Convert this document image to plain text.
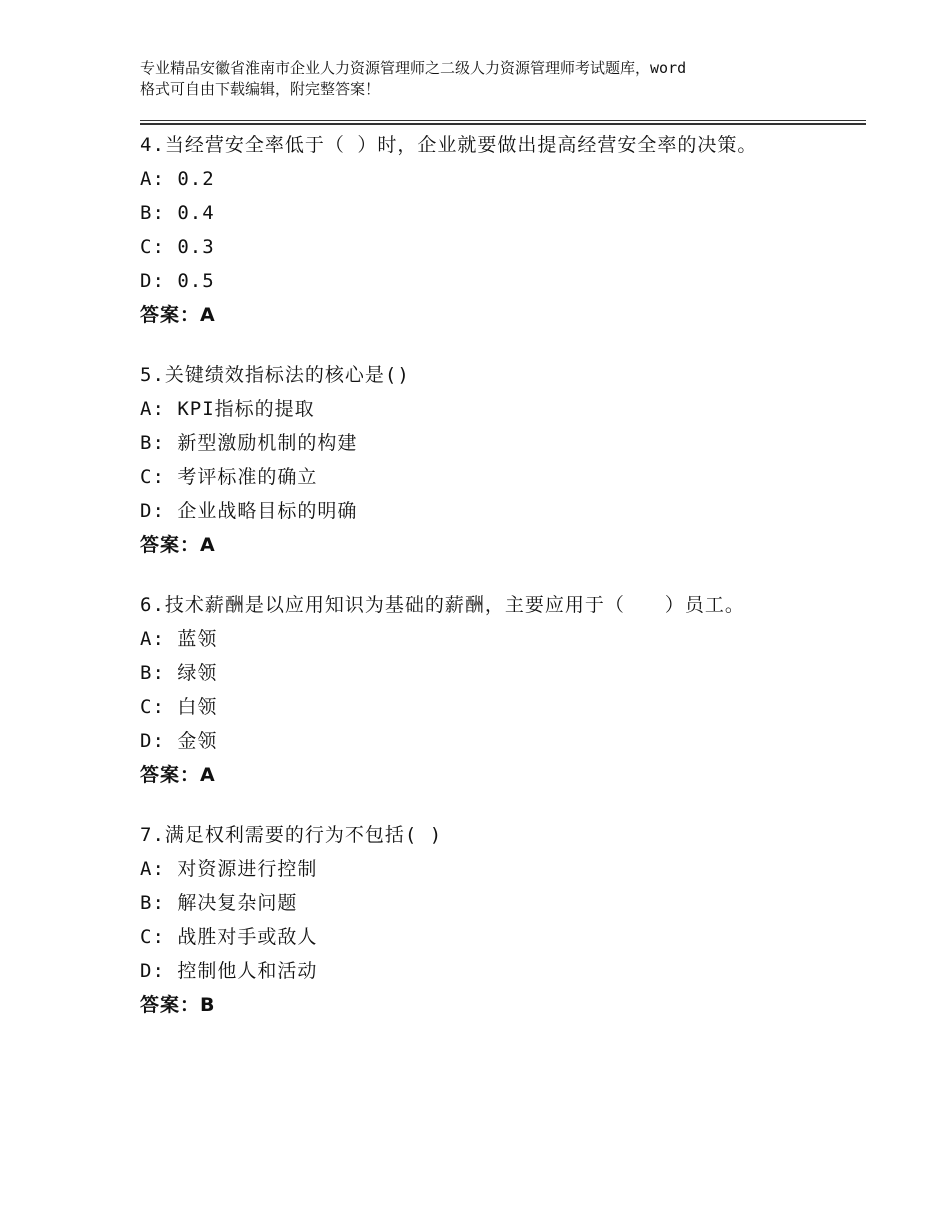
专业精品安徽省淮南市企业人力资源管理师之二级人力资源管理师考试题库，word
格式可自由下载编辑，附完整答案！
4.当经营安全率低于（ ）时，企业就要做出提高经营安全率的决策。
A: 0.2
B: 0.4
C: 0.3
D: 0.5
答案：A
5.关键绩效指标法的核心是()
A: KPI指标的提取
B: 新型激励机制的构建
C: 考评标准的确立
D: 企业战略目标的明确
答案：A
6.技术薪酬是以应用知识为基础的薪酬，主要应用于（　　）员工。
A: 蓝领
B: 绿领
C: 白领
D: 金领
答案：A
7.满足权利需要的行为不包括( )
A: 对资源进行控制
B: 解决复杂问题
C: 战胜对手或敌人
D: 控制他人和活动
答案：B
